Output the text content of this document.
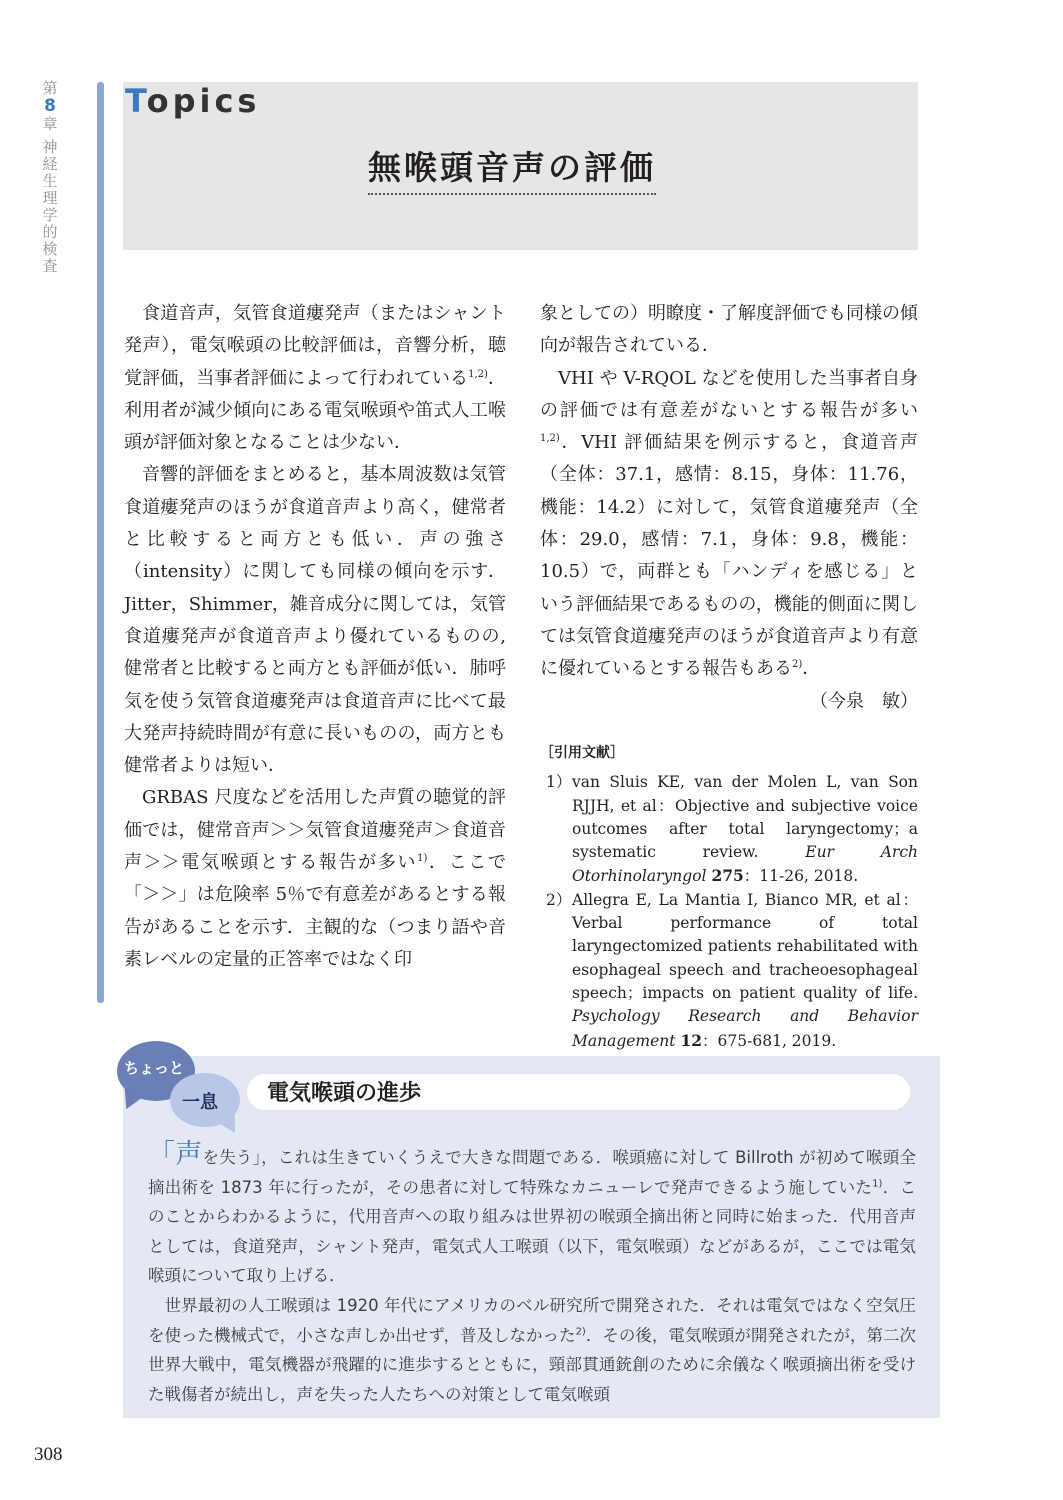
第
8
章
神
経
生
理
学
的
検
査
Topics
無喉頭音声の評価

食道音声，気管食道瘻発声（またはシャント発声），電気喉頭の比較評価は，音響分析，聴覚評価，当事者評価によって行われている$^{1,2)}$．利用者が減少傾向にある電気喉頭や笛式人工喉頭が評価対象となることは少ない．

音響的評価をまとめると，基本周波数は気管食道瘻発声のほうが食道音声より高く，健常者と比較すると両方とも低い．声の強さ（intensity）に関しても同様の傾向を示す．Jitter，Shimmer，雑音成分に関しては，気管食道瘻発声が食道音声より優れているものの, 健常者と比較すると両方とも評価が低い．肺呼気を使う気管食道瘻発声は食道音声に比べて最大発声持続時間が有意に長いものの，両方とも健常者よりは短い．

GRBAS 尺度などを活用した声質の聴覚的評価では，健常音声＞＞気管食道瘻発声＞食道音声＞＞電気喉頭とする報告が多い$^{1)}$．ここで「＞＞」は危険率 5％で有意差があるとする報告があることを示す．主観的な（つまり語や音素レベルの定量的正答率ではなく印

象としての）明瞭度・了解度評価でも同様の傾向が報告されている．

VHI や V-RQOL などを使用した当事者自身の評価では有意差がないとする報告が多い$^{1,2)}$．VHI 評価結果を例示すると，食道音声（全体：37.1，感情：8.15，身体：11.76，機能：14.2）に対して，気管食道瘻発声（全体：29.0，感情：7.1，身体：9.8，機能：10.5）で，両群とも「ハンディを感じる」という評価結果であるものの，機能的側面に関しては気管食道瘻発声のほうが食道音声より有意に優れているとする報告もある$^{2)}$．

（今泉　敏）

［引用文献］

1） van Sluis KE, van der Molen L, van Son RJJH, et al：Objective and subjective voice outcomes after total laryngectomy；a systematic review. Eur Arch Otorhinolaryngol 275：11-26, 2018.

2） Allegra E, La Mantia I, Bianco MR, et al：Verbal performance of total laryngectomized patients rehabilitated with esophageal speech and tracheoesophageal speech；impacts on patient quality of life. Psychology Research and Behavior Management 12：675-681, 2019.

電気喉頭の進歩
ちょっと
一息

「声を失う」，これは生きていくうえで大きな問題である．喉頭癌に対して Billroth が初めて喉頭全摘出術を 1873 年に行ったが，その患者に対して特殊なカニューレで発声できるよう施していた$^{1)}$．このことからわかるように，代用音声への取り組みは世界初の喉頭全摘出術と同時に始まった．代用音声としては，食道発声，シャント発声，電気式人工喉頭（以下，電気喉頭）などがあるが，ここでは電気喉頭について取り上げる．

世界最初の人工喉頭は 1920 年代にアメリカのベル研究所で開発された．それは電気ではなく空気圧を使った機械式で，小さな声しか出せず，普及しなかった$^{2)}$．その後，電気喉頭が開発されたが，第二次世界大戦中，電気機器が飛躍的に進歩するとともに，頸部貫通銃創のために余儀なく喉頭摘出術を受けた戦傷者が続出し，声を失った人たちへの対策として電気喉頭

308
